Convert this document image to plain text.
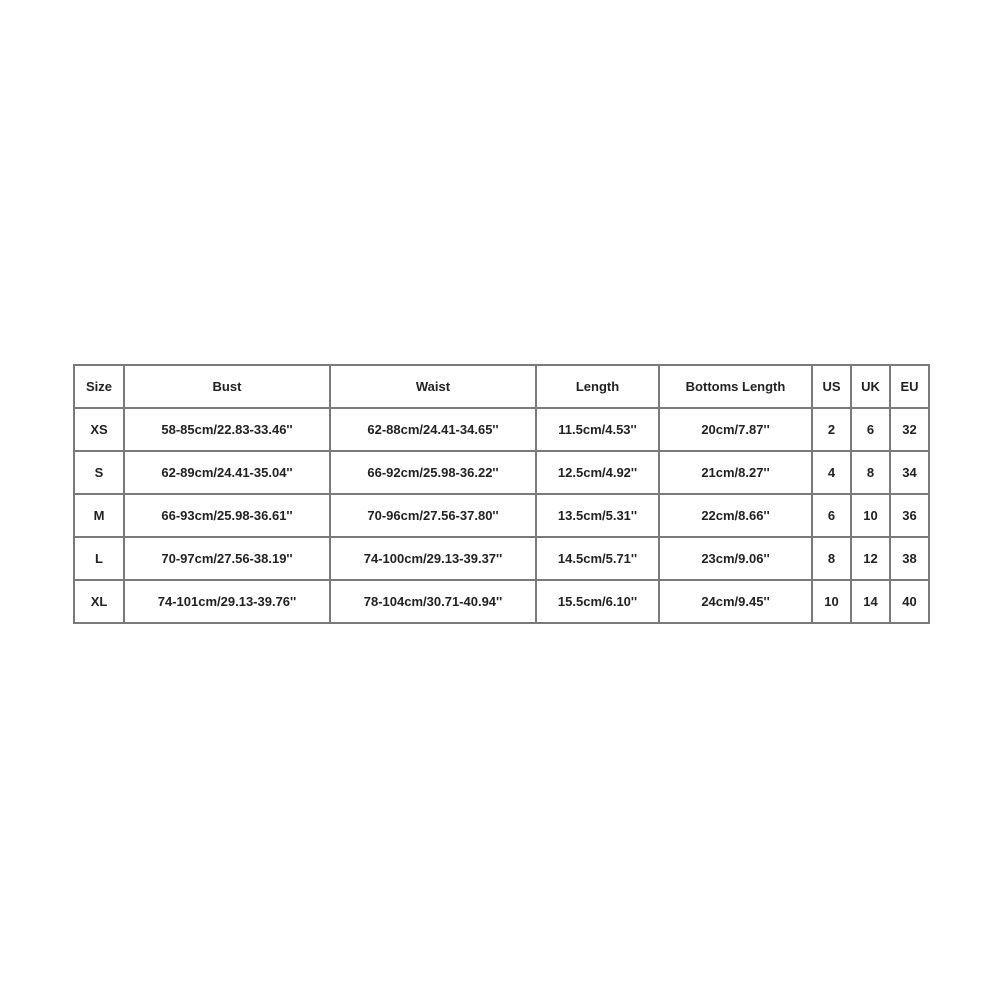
Size	Bust	Waist	Length	Bottoms Length	US	UK	EU
XS	58-85cm/22.83-33.46''	62-88cm/24.41-34.65''	11.5cm/4.53''	20cm/7.87''	2	6	32
S	62-89cm/24.41-35.04''	66-92cm/25.98-36.22''	12.5cm/4.92''	21cm/8.27''	4	8	34
M	66-93cm/25.98-36.61''	70-96cm/27.56-37.80''	13.5cm/5.31''	22cm/8.66''	6	10	36
L	70-97cm/27.56-38.19''	74-100cm/29.13-39.37''	14.5cm/5.71''	23cm/9.06''	8	12	38
XL	74-101cm/29.13-39.76''	78-104cm/30.71-40.94''	15.5cm/6.10''	24cm/9.45''	10	14	40
